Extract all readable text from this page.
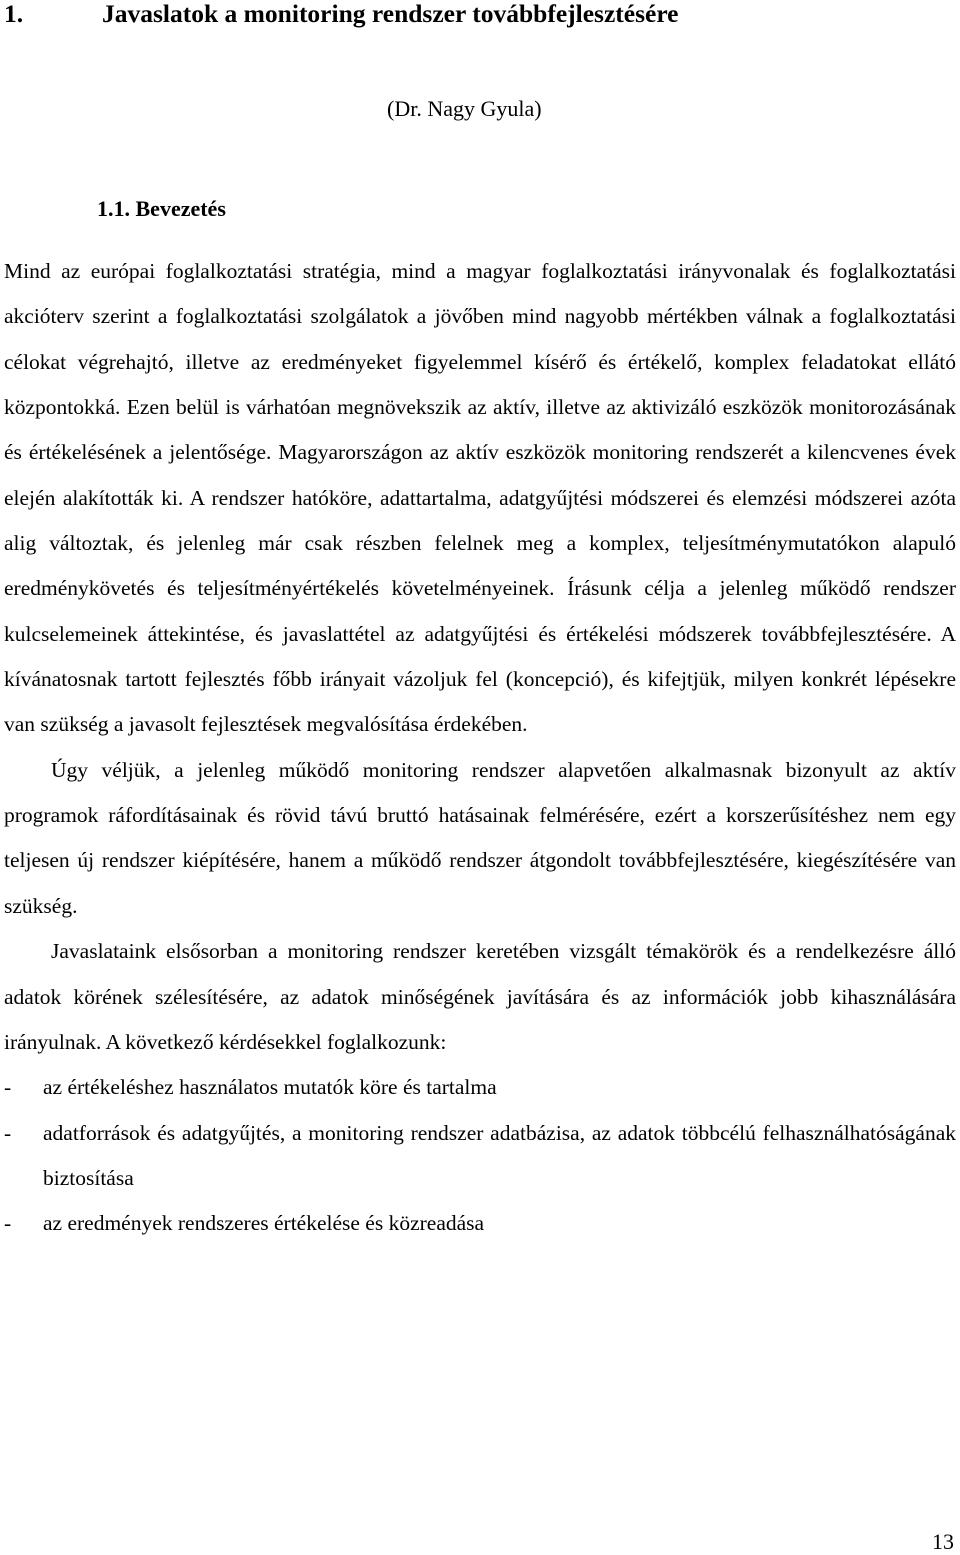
1.	Javaslatok a monitoring rendszer továbbfejlesztésére
(Dr. Nagy Gyula)
1.1. Bevezetés

Mind az európai foglalkoztatási stratégia, mind a magyar foglalkoztatási irányvonalak és foglalkoztatási akcióterv szerint a foglalkoztatási szolgálatok a jövőben mind nagyobb mértékben válnak a foglalkoztatási célokat végrehajtó, illetve az eredményeket figyelemmel kísérő és értékelő, komplex feladatokat ellátó központokká. Ezen belül is várhatóan megnövekszik az aktív, illetve az aktivizáló eszközök monitorozásának és értékelésének a jelentősége. Magyarországon az aktív eszközök monitoring rendszerét a kilencvenes évek elején alakították ki. A rendszer hatóköre, adattartalma, adatgyűjtési módszerei és elemzési módszerei azóta alig változtak, és jelenleg már csak részben felelnek meg a komplex, teljesítménymutatókon alapuló eredménykövetés és teljesítményértékelés követelményeinek. Írásunk célja a jelenleg működő rendszer kulcselemeinek áttekintése, és javaslattétel az adatgyűjtési és értékelési módszerek továbbfejlesztésére. A kívánatosnak tartott fejlesztés főbb irányait vázoljuk fel (koncepció), és kifejtjük, milyen konkrét lépésekre van szükség a javasolt fejlesztések megvalósítása érdekében.

Úgy véljük, a jelenleg működő monitoring rendszer alapvetően alkalmasnak bizonyult az aktív programok ráfordításainak és rövid távú bruttó hatásainak felmérésére, ezért a korszerűsítéshez nem egy teljesen új rendszer kiépítésére, hanem a működő rendszer átgondolt továbbfejlesztésére, kiegészítésére van szükség.

Javaslataink elsősorban a monitoring rendszer keretében vizsgált témakörök és a rendelkezésre álló adatok körének szélesítésére, az adatok minőségének javítására és az információk jobb kihasználására irányulnak. A következő kérdésekkel foglalkozunk:

- az értékeléshez használatos mutatók köre és tartalma
- adatforrások és adatgyűjtés, a monitoring rendszer adatbázisa, az adatok többcélú felhasználhatóságának biztosítása
- az eredmények rendszeres értékelése és közreadása
13
